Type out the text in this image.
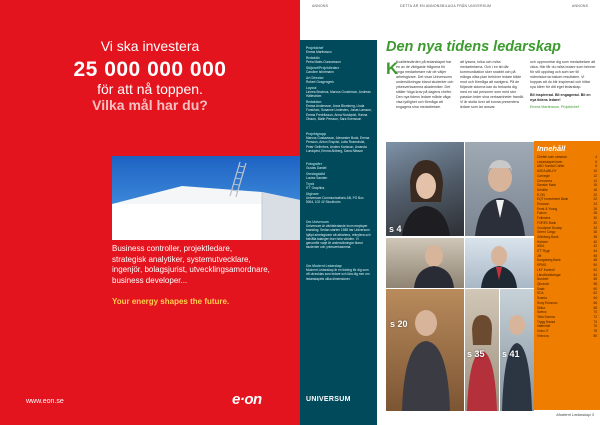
Vi ska investera
25 000 000 000
för att nå toppen.
Vilka mål har du?
Business controller, projektledare,
strategisk analytiker, systemutvecklare,
ingenjör, bolagsjurist, utvecklingsamordnare,
business developer...
Your energy shapes the future.
www.eon.se	e·on
ANNONS	DETTA ÄR EN ANNONSBILAGA FRÅN UNIVERSUM	ANNONS
Projektchef
Emma Martinsson
Redaktör
Petra Malm-Gunnarsson
Säljchef/Projektledare
Caroline Isfortmann
Art Director
Robert Gosgengerk
Layout
Linnea Brodeus, Marcus Gunderson, Andreas Hälleström
Redaktion
Emma Andersson, Anna Blomberg, Linda Forsblom, Susanne Lindesten, Jonas Larsson, Emma Fredriksson, Anna Nordqvist, Hanna Olsson, Malin Persson, Sara Svensson
Projektgrupp
Marcus Gustavsson, Alexander Book, Emma Persson, Anton Enqvist, Lotta Rosenkvist, Peter Gellerfors, Anders Karlsson, Amanda Lundqvist, Emma Ahlberg, Dana Nilsson
Fotografer
Gustav Dardel
Omslagsbild
Louise Sanden
Tryck
ITT Graphics
Utgivare
Universum Communications AB, PO Box 5064, 102 42 Stockholm
Om Universum
Universum är världsledande inom employer branding. Sedan starten 1988 har Universum hjälpt arbetsgivare att attrahera, rekrytera och behålla talanger över hela världen. Vi genomför varje år undersökningar bland studenter och yrkesverksamma.
Om Modernt Ledarskap
Modernt Ledarskap är en tidning för dig som vill utvecklas som ledare och lära dig mer om ledarskapets olika dimensioner.
UNIVERSUM
Den nya tidens ledarskap
K
Kvalitetsvärden på ledarskapet har en av de viktigaste frågorna för unga medarbetare när de väljer arbetsgivare. Det visar Universums undersökningar bland studenter och yrkesverksamma akademiker. Det ställer höga krav på dagens chefer. Den nya tidens ledare måste våga visa tydlighet och förmåga att engagera sina medarbetare.
att lyssna, tolka och möta medarbetarna. Och i en tid där kommunikation sker snabbt och på många olika plan behöver ledare både mod och förmåga att navigera. På de följande sidorna kan du bekanta dig med en rad personer som med stor passion leder sina verksamheter framåt. Vi är stolta över att kunna presentera ledare som tar ansvar.
och uppmuntrar dig som medarbetare att växa. Här får du möta ledare som brinner för sitt uppdrag och som ser till människorna bakom resultaten. Vi hoppas att du blir inspirerad och hittar nya idéer för ditt eget ledarskap.
Bli inspirerad. Bli engagerad. Bli en nya tidens ledare!
Emma Martinsson, Projektchef
s 4
s 20
s 35 s 41
Innehåll
Chefen som utmanar	4
Ledarskapet lever	6
ABG Sundal Collier	8
ASEA ABLOY	10
Carnegie	12
Cernovera	14
Danske Bank	16
Deloitte	18
E.ON	20
EQT Investment Bank	22
Ericsson	24
Ernst & Young	26
Falcon	28
Folkmera	30
FOREX Bank	32
Goodyear Dunlop	34
Green Cargo	36
Göteborg Bank	38
Holmen	40
IKEA	42
ITT Flygt	44
JM	46
Kungsberg Bank	48
KPMG	50
LKF Kontroll	52
Länsförsäkringar	54
Nordnet	56
Qbranch	58
Saab	60
SCA	62
Scania	64
Sony Ericsson	66
Skiba	68
Sweco	70
Telia Sonera	72
Trygg Hansa	74
Vattenfall	76
Volvo IT	78
Vinnova	80
Moderni Ledarskap 3
